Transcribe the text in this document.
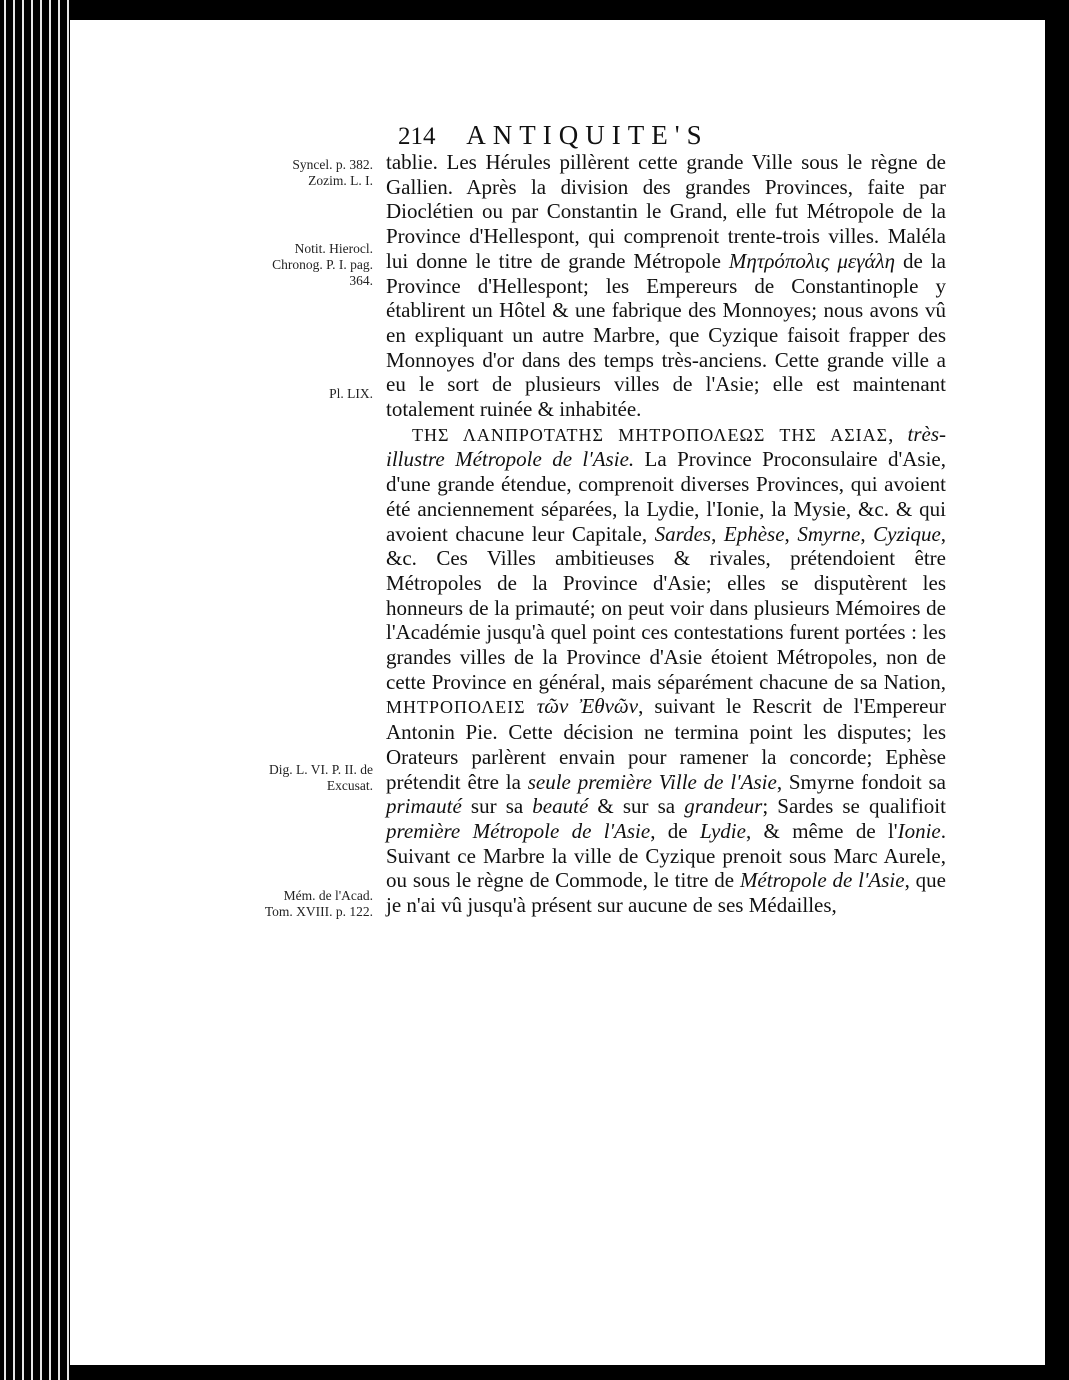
214 ANTIQUITE'S
Syncel. p. 382. Zozim. L. I.
Notit. Hierocl. Chronog. P. I. pag. 364.
Pl. LIX.
Dig. L. VI. P. II. de Excusat.
Mém. de l'Acad. Tom. XVIII. p. 122.

tablie. Les Hérules pillèrent cette grande Ville sous le règne de Gallien. Après la division des grandes Provinces, faite par Dioclétien ou par Constantin le Grand, elle fut Métropole de la Province d'Hellespont, qui comprenoit trente-trois villes. Maléla lui donne le titre de grande Métropole Μητρόπολις μεγάλη de la Province d'Hellespont; les Empereurs de Constantinople y établirent un Hôtel & une fabrique des Monnoyes; nous avons vû en expliquant un autre Marbre, que Cyzique faisoit frapper des Monnoyes d'or dans des temps très-anciens. Cette grande ville a eu le sort de plusieurs villes de l'Asie; elle est maintenant totalement ruinée & inhabitée.

ΤΗΣ ΛΑΝΠΡΟΤΑΤΗΣ ΜΗΤΡΟΠΟΛΕΩΣ ΤΗΣ ΑΣΙΑΣ, très-illustre Métropole de l'Asie. La Province Proconsulaire d'Asie, d'une grande étendue, comprenoit diverses Provinces, qui avoient été anciennement séparées, la Lydie, l'Ionie, la Mysie, &c. & qui avoient chacune leur Capitale, Sardes, Ephèse, Smyrne, Cyzique, &c. Ces Villes ambitieuses & rivales, prétendoient être Métropoles de la Province d'Asie; elles se disputèrent les honneurs de la primauté; on peut voir dans plusieurs Mémoires de l'Académie jusqu'à quel point ces contestations furent portées : les grandes villes de la Province d'Asie étoient Métropoles, non de cette Province en général, mais séparément chacune de sa Nation, ΜΗΤΡΟΠΟΛΕΙΣ τῶν Ἐθνῶν, suivant le Rescrit de l'Empereur Antonin Pie. Cette décision ne termina point les disputes; les Orateurs parlèrent envain pour ramener la concorde; Ephèse prétendit être la seule première Ville de l'Asie, Smyrne fondoit sa primauté sur sa beauté & sur sa grandeur; Sardes se qualifioit première Métropole de l'Asie, de Lydie, & même de l'Ionie. Suivant ce Marbre la ville de Cyzique prenoit sous Marc Aurele, ou sous le règne de Commode, le titre de Métropole de l'Asie, que je n'ai vû jusqu'à présent sur aucune de ses Médailles,
